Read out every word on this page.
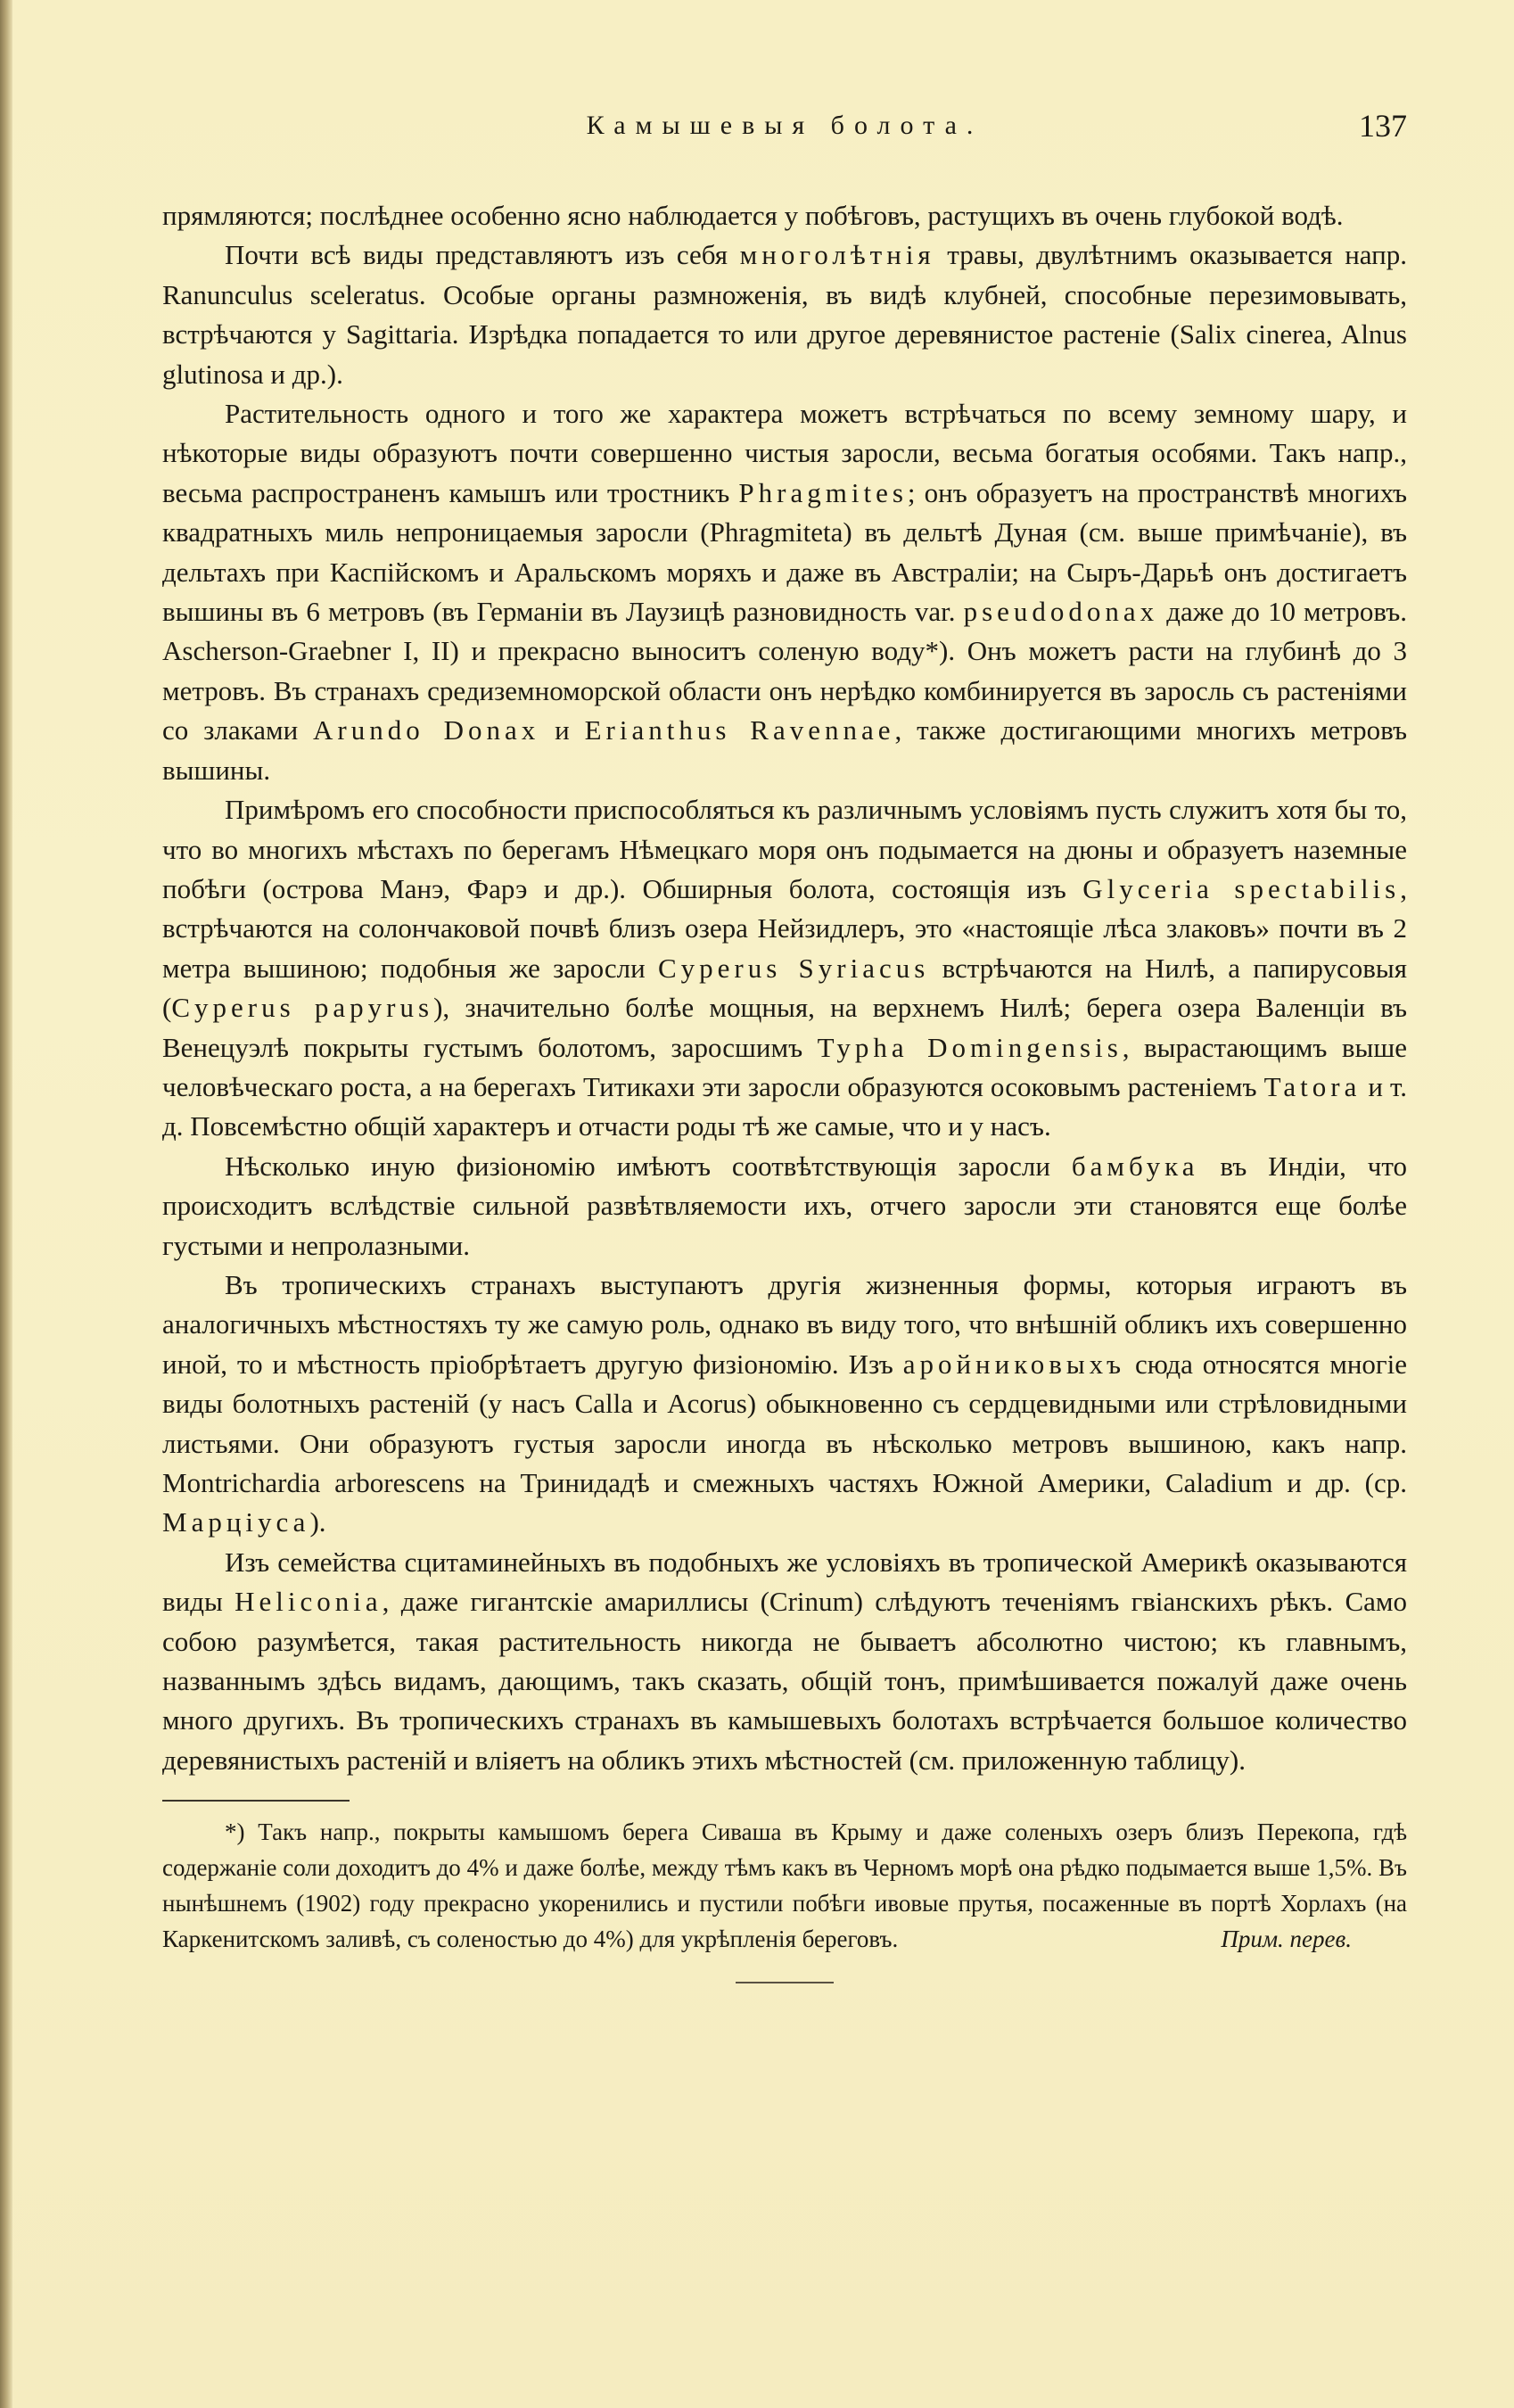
Камышевыя болота.	137

прямляются; послѣднее особенно ясно наблюдается у побѣговъ, растущихъ въ очень глубокой водѣ.

Почти всѣ виды представляютъ изъ себя многолѣтнія травы, двулѣтнимъ оказывается напр. Ranunculus sceleratus. Особые органы размноженія, въ видѣ клубней, способные перезимовывать, встрѣчаются у Sagittaria. Изрѣдка попадается то или другое деревянистое растеніе (Salix cinerea, Alnus glutinosa и др.).

Растительность одного и того же характера можетъ встрѣчаться по всему земному шару, и нѣкоторые виды образуютъ почти совершенно чистыя заросли, весьма богатыя особями. Такъ напр., весьма распространенъ камышъ или тростникъ Phragmites; онъ образуетъ на пространствѣ многихъ квадратныхъ миль непроницаемыя заросли (Phragmiteta) въ дельтѣ Дуная (см. выше примѣчаніе), въ дельтахъ при Каспійскомъ и Аральскомъ моряхъ и даже въ Австраліи; на Сыръ-Дарьѣ онъ достигаетъ вышины въ 6 метровъ (въ Германіи въ Лаузицѣ разновидность var. pseudodonax даже до 10 метровъ. Ascherson-Graebner I, II) и прекрасно выноситъ соленую воду*). Онъ можетъ расти на глубинѣ до 3 метровъ. Въ странахъ средиземноморской области онъ нерѣдко комбинируется въ заросль съ растеніями со злаками Arundo Donax и Erianthus Ravennae, также достигающими многихъ метровъ вышины.

Примѣромъ его способности приспособляться къ различнымъ условіямъ пусть служитъ хотя бы то, что во многихъ мѣстахъ по берегамъ Нѣмецкаго моря онъ подымается на дюны и образуетъ наземные побѣги (острова Манэ, Фарэ и др.). Обширныя болота, состоящія изъ Glyceria spectabilis, встрѣчаются на солончаковой почвѣ близъ озера Нейзидлеръ, это «настоящіе лѣса злаковъ» почти въ 2 метра вышиною; подобныя же заросли Cyperus Syriacus встрѣчаются на Нилѣ, а папирусовыя (Cyperus papyrus), значительно болѣе мощныя, на верхнемъ Нилѣ; берега озера Валенціи въ Венецуэлѣ покрыты густымъ болотомъ, заросшимъ Typha Domingensis, вырастающимъ выше человѣческаго роста, а на берегахъ Титикахи эти заросли образуются осоковымъ растеніемъ Tatora и т. д. Повсемѣстно общій характеръ и отчасти роды тѣ же самые, что и у насъ.

Нѣсколько иную физіономію имѣютъ соотвѣтствующія заросли бамбука въ Индіи, что происходитъ вслѣдствіе сильной развѣтвляемости ихъ, отчего заросли эти становятся еще болѣе густыми и непролазными.

Въ тропическихъ странахъ выступаютъ другія жизненныя формы, которыя играютъ въ аналогичныхъ мѣстностяхъ ту же самую роль, однако въ виду того, что внѣшній обликъ ихъ совершенно иной, то и мѣстность пріобрѣтаетъ другую физіономію. Изъ аройниковыхъ сюда относятся многіе виды болотныхъ растеній (у насъ Calla и Acorus) обыкновенно съ сердцевидными или стрѣловидными листьями. Они образуютъ густыя заросли иногда въ нѣсколько метровъ вышиною, какъ напр. Montrichardia arborescens на Тринидадѣ и смежныхъ частяхъ Южной Америки, Caladium и др. (ср. Марціуса).

Изъ семейства сцитаминейныхъ въ подобныхъ же условіяхъ въ тропической Америкѣ оказываются виды Heliconia, даже гигантскіе амариллисы (Crinum) слѣдуютъ теченіямъ гвіанскихъ рѣкъ. Само собою разумѣется, такая растительность никогда не бываетъ абсолютно чистою; къ главнымъ, названнымъ здѣсь видамъ, дающимъ, такъ сказать, общій тонъ, примѣшивается пожалуй даже очень много другихъ. Въ тропическихъ странахъ въ камышевыхъ болотахъ встрѣчается большое количество деревянистыхъ растеній и вліяетъ на обликъ этихъ мѣстностей (см. приложенную таблицу).

*) Такъ напр., покрыты камышомъ берега Сиваша въ Крыму и даже соленыхъ озеръ близъ Перекопа, гдѣ содержаніе соли доходитъ до 4% и даже болѣе, между тѣмъ какъ въ Черномъ морѣ она рѣдко подымается выше 1,5%. Въ нынѣшнемъ (1902) году прекрасно укоренились и пустили побѣги ивовые прутья, посаженные въ портѣ Хорлахъ (на Каркенитскомъ заливѣ, съ соленостью до 4%) для укрѣпленія береговъ.	Прим. перев.
